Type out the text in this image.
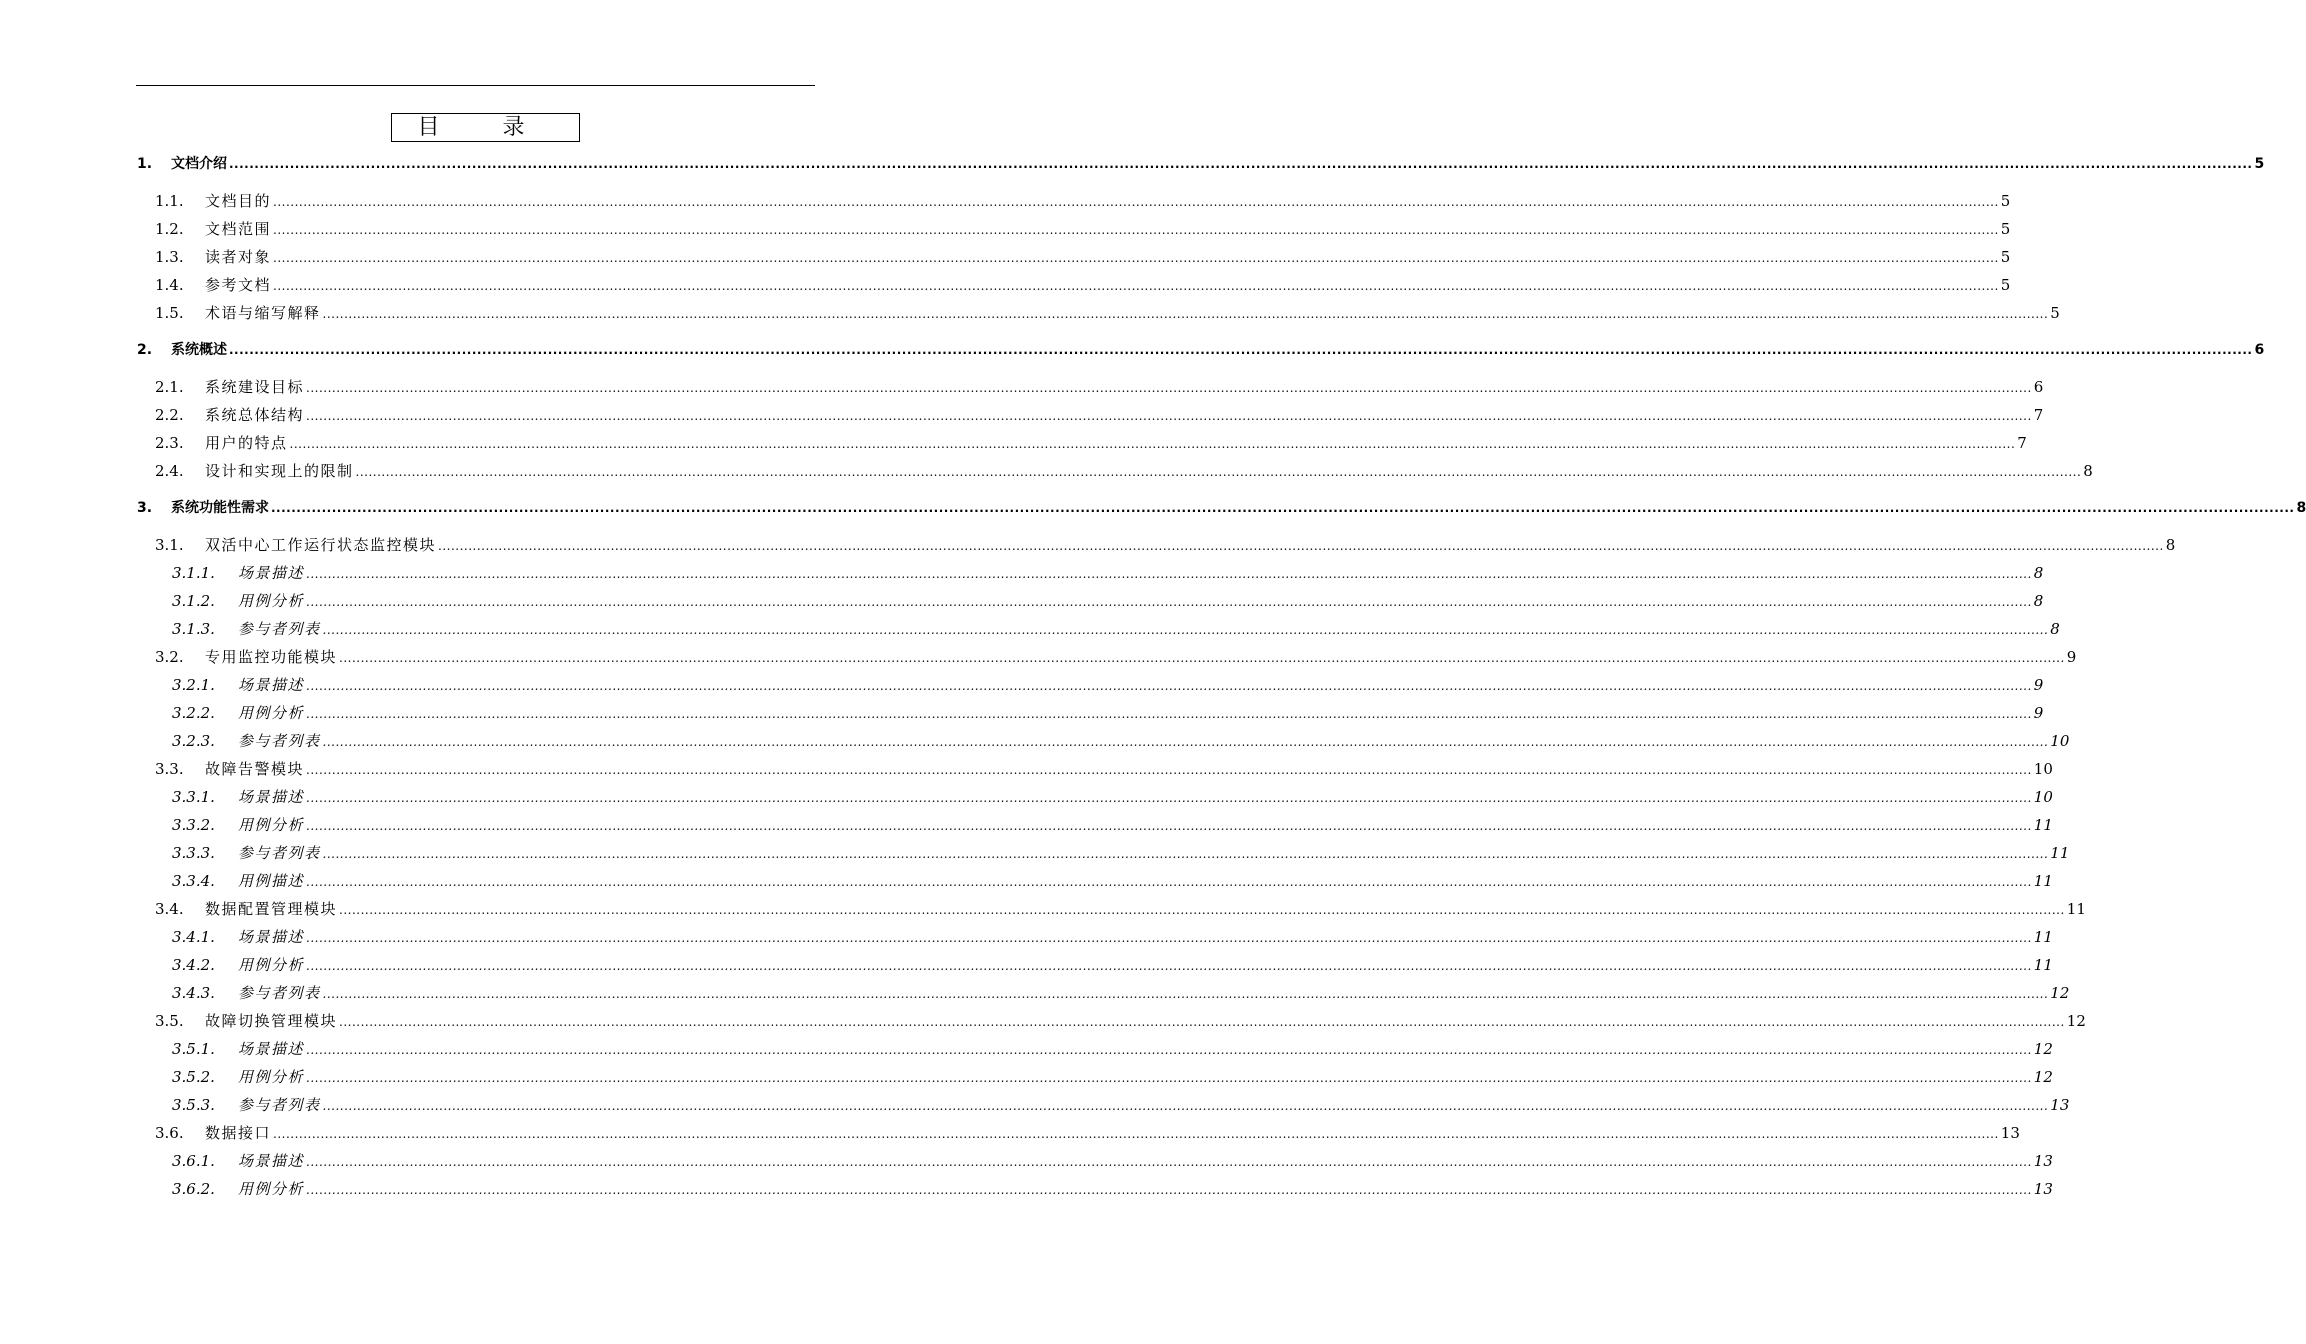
目 录
1.	文档介绍 ................................................................................................................................................................................................................................................................................................................................................................................................................ 5
1.1.	文档目的 ................................................................................................................................................................................................................................................................................................................................................................................................................ 5
1.2.	文档范围 ................................................................................................................................................................................................................................................................................................................................................................................................................ 5
1.3.	读者对象 ................................................................................................................................................................................................................................................................................................................................................................................................................ 5
1.4.	参考文档 ................................................................................................................................................................................................................................................................................................................................................................................................................ 5
1.5.	术语与缩写解释 ................................................................................................................................................................................................................................................................................................................................................................................................................ 5
2.	系统概述 ................................................................................................................................................................................................................................................................................................................................................................................................................ 6
2.1.	系统建设目标 ................................................................................................................................................................................................................................................................................................................................................................................................................ 6
2.2.	系统总体结构 ................................................................................................................................................................................................................................................................................................................................................................................................................ 7
2.3.	用户的特点 ................................................................................................................................................................................................................................................................................................................................................................................................................ 7
2.4.	设计和实现上的限制 ................................................................................................................................................................................................................................................................................................................................................................................................................ 8
3.	系统功能性需求 ................................................................................................................................................................................................................................................................................................................................................................................................................ 8
3.1.	双活中心工作运行状态监控模块 ................................................................................................................................................................................................................................................................................................................................................................................................................ 8
3.1.1.	场景描述 ................................................................................................................................................................................................................................................................................................................................................................................................................ 8
3.1.2.	用例分析 ................................................................................................................................................................................................................................................................................................................................................................................................................ 8
3.1.3.	参与者列表 ................................................................................................................................................................................................................................................................................................................................................................................................................ 8
3.2.	专用监控功能模块 ................................................................................................................................................................................................................................................................................................................................................................................................................ 9
3.2.1.	场景描述 ................................................................................................................................................................................................................................................................................................................................................................................................................ 9
3.2.2.	用例分析 ................................................................................................................................................................................................................................................................................................................................................................................................................ 9
3.2.3.	参与者列表 ................................................................................................................................................................................................................................................................................................................................................................................................................ 10
3.3.	故障告警模块 ................................................................................................................................................................................................................................................................................................................................................................................................................ 10
3.3.1.	场景描述 ................................................................................................................................................................................................................................................................................................................................................................................................................ 10
3.3.2.	用例分析 ................................................................................................................................................................................................................................................................................................................................................................................................................ 11
3.3.3.	参与者列表 ................................................................................................................................................................................................................................................................................................................................................................................................................ 11
3.3.4.	用例描述 ................................................................................................................................................................................................................................................................................................................................................................................................................ 11
3.4.	数据配置管理模块 ................................................................................................................................................................................................................................................................................................................................................................................................................ 11
3.4.1.	场景描述 ................................................................................................................................................................................................................................................................................................................................................................................................................ 11
3.4.2.	用例分析 ................................................................................................................................................................................................................................................................................................................................................................................................................ 11
3.4.3.	参与者列表 ................................................................................................................................................................................................................................................................................................................................................................................................................ 12
3.5.	故障切换管理模块 ................................................................................................................................................................................................................................................................................................................................................................................................................ 12
3.5.1.	场景描述 ................................................................................................................................................................................................................................................................................................................................................................................................................ 12
3.5.2.	用例分析 ................................................................................................................................................................................................................................................................................................................................................................................................................ 12
3.5.3.	参与者列表 ................................................................................................................................................................................................................................................................................................................................................................................................................ 13
3.6.	数据接口 ................................................................................................................................................................................................................................................................................................................................................................................................................ 13
3.6.1.	场景描述 ................................................................................................................................................................................................................................................................................................................................................................................................................ 13
3.6.2.	用例分析 ................................................................................................................................................................................................................................................................................................................................................................................................................ 13
